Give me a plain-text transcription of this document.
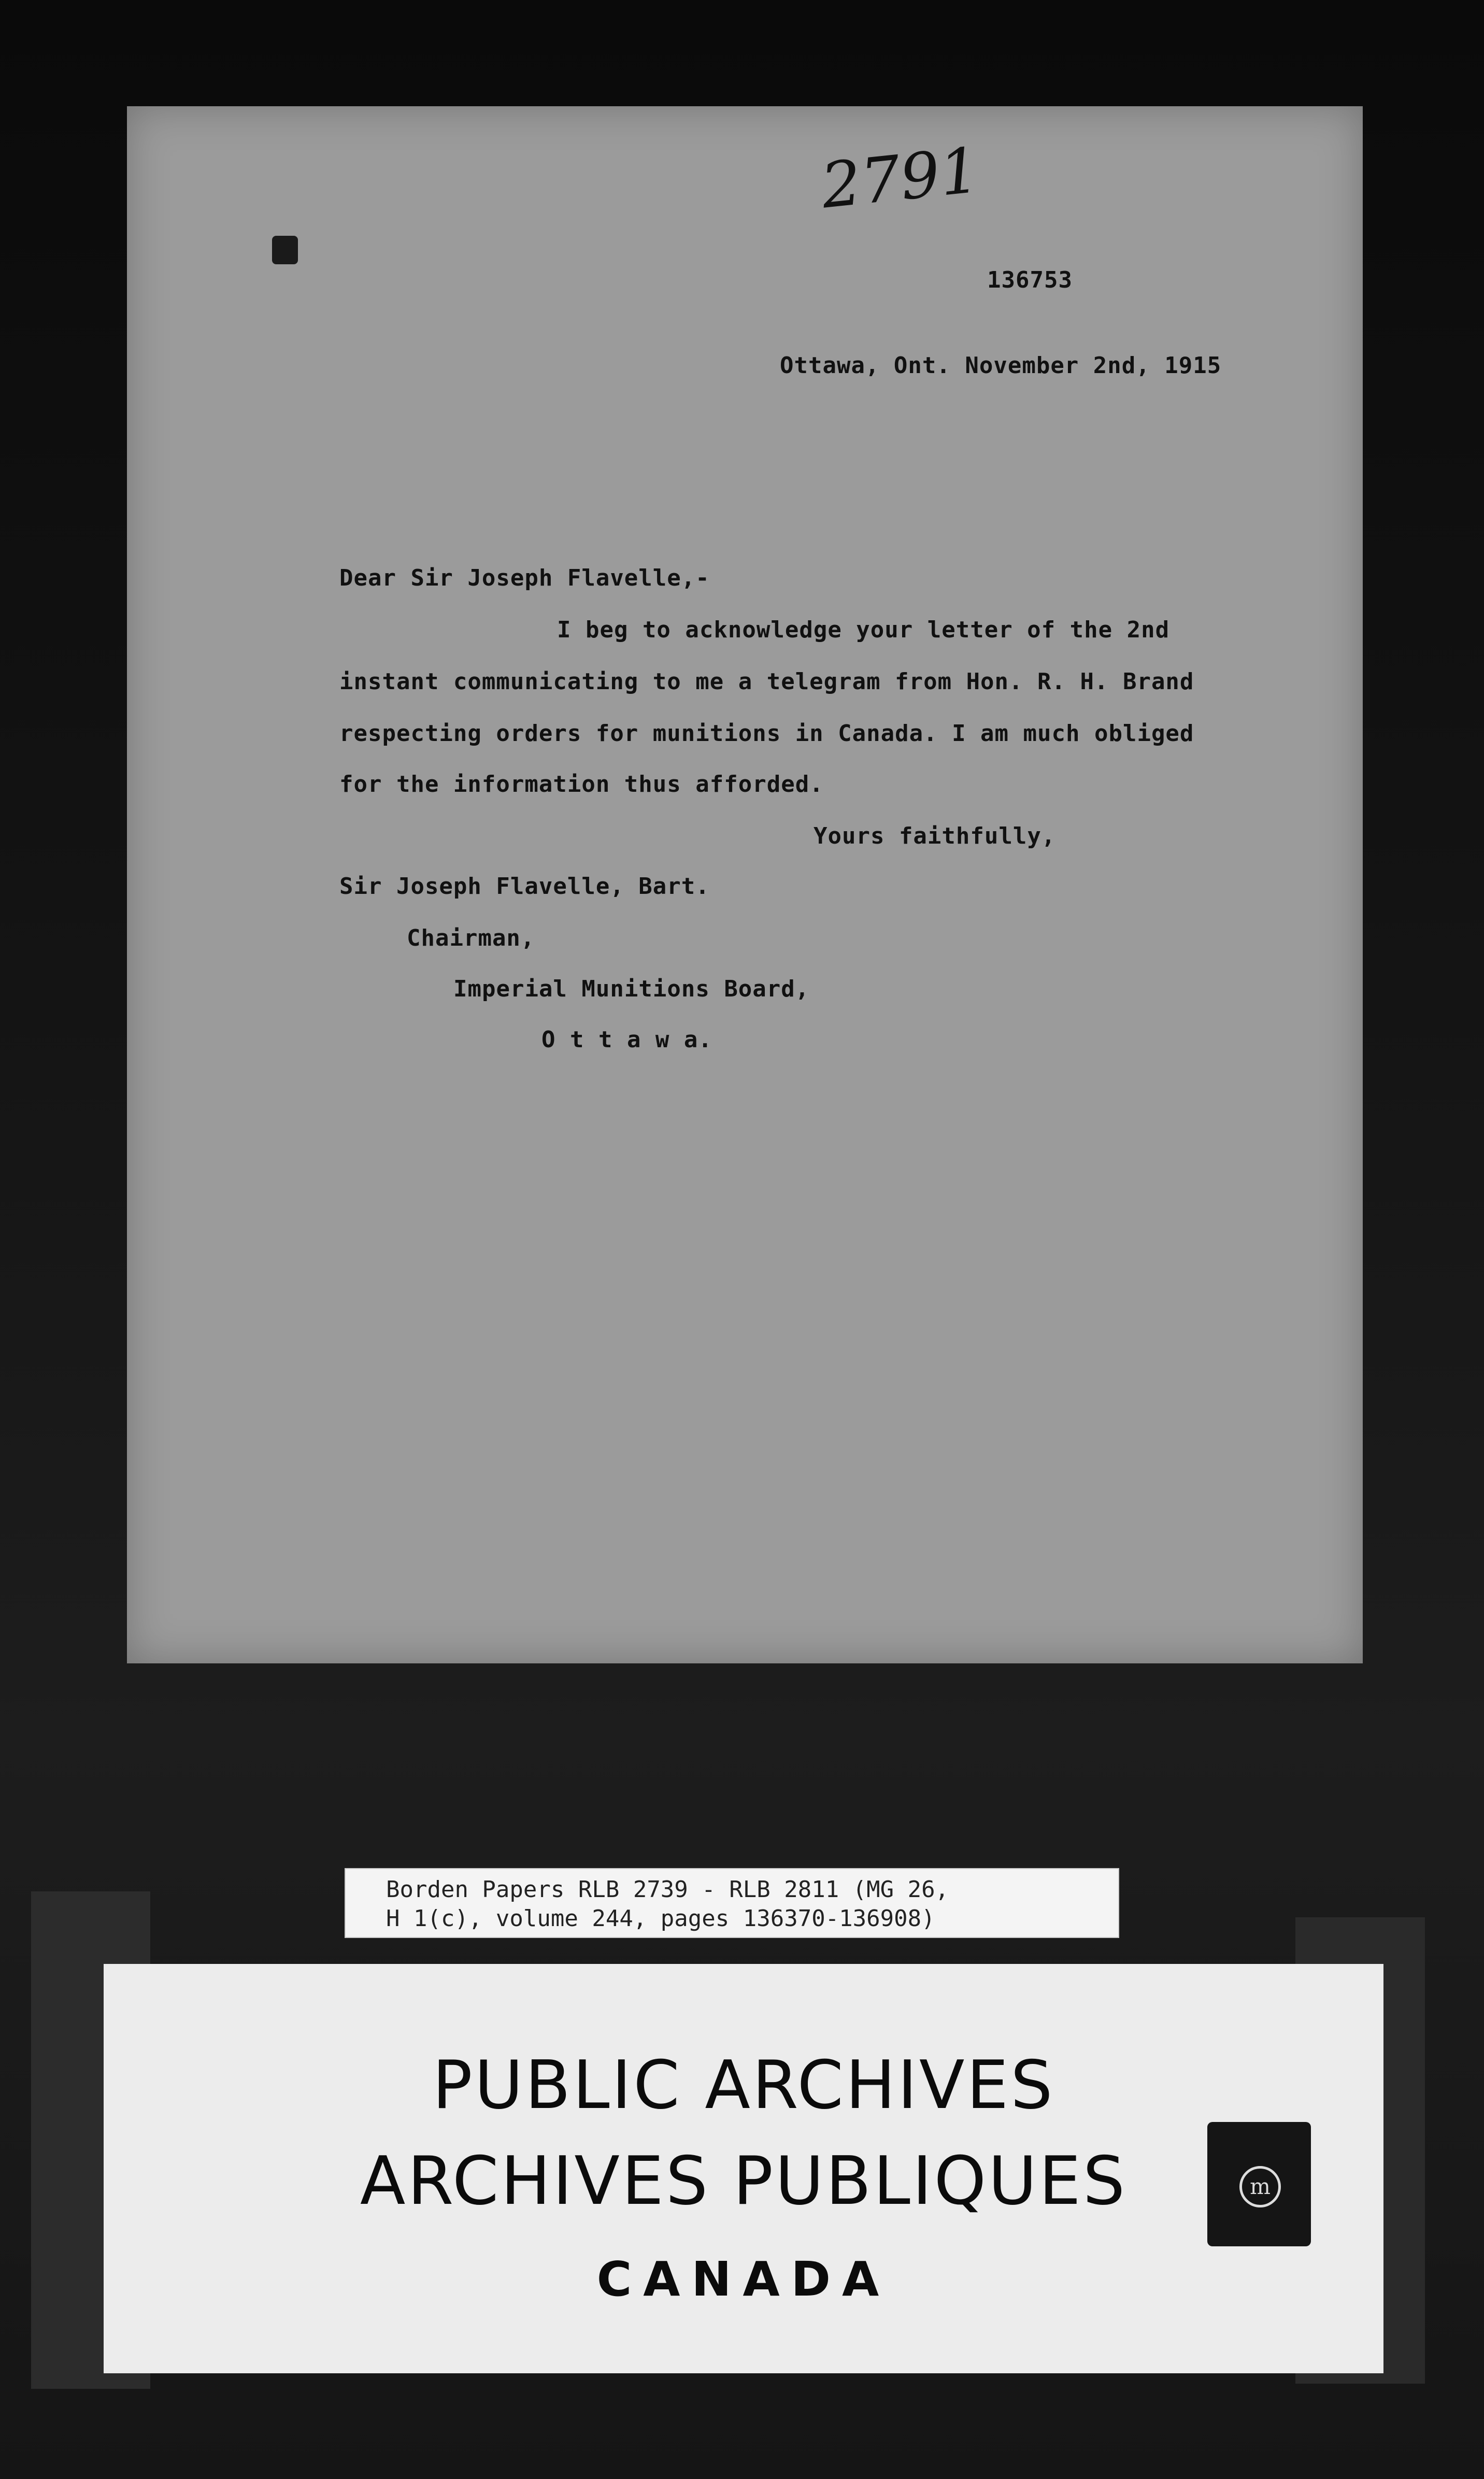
2791
136753
Ottawa, Ont. November 2nd, 1915
Dear Sir Joseph Flavelle,-
I beg to acknowledge your letter of the 2nd
instant communicating to me a telegram from Hon. R. H. Brand
respecting orders for munitions in Canada. I am much obliged
for the information thus afforded.
Yours faithfully,
Sir Joseph Flavelle, Bart.
Chairman,
Imperial Munitions Board,
O t t a w a.
Borden Papers RLB 2739 - RLB 2811 (MG 26,
H 1(c), volume 244, pages 136370-136908)
PUBLIC ARCHIVES
ARCHIVES PUBLIQUES
CANADA
m
